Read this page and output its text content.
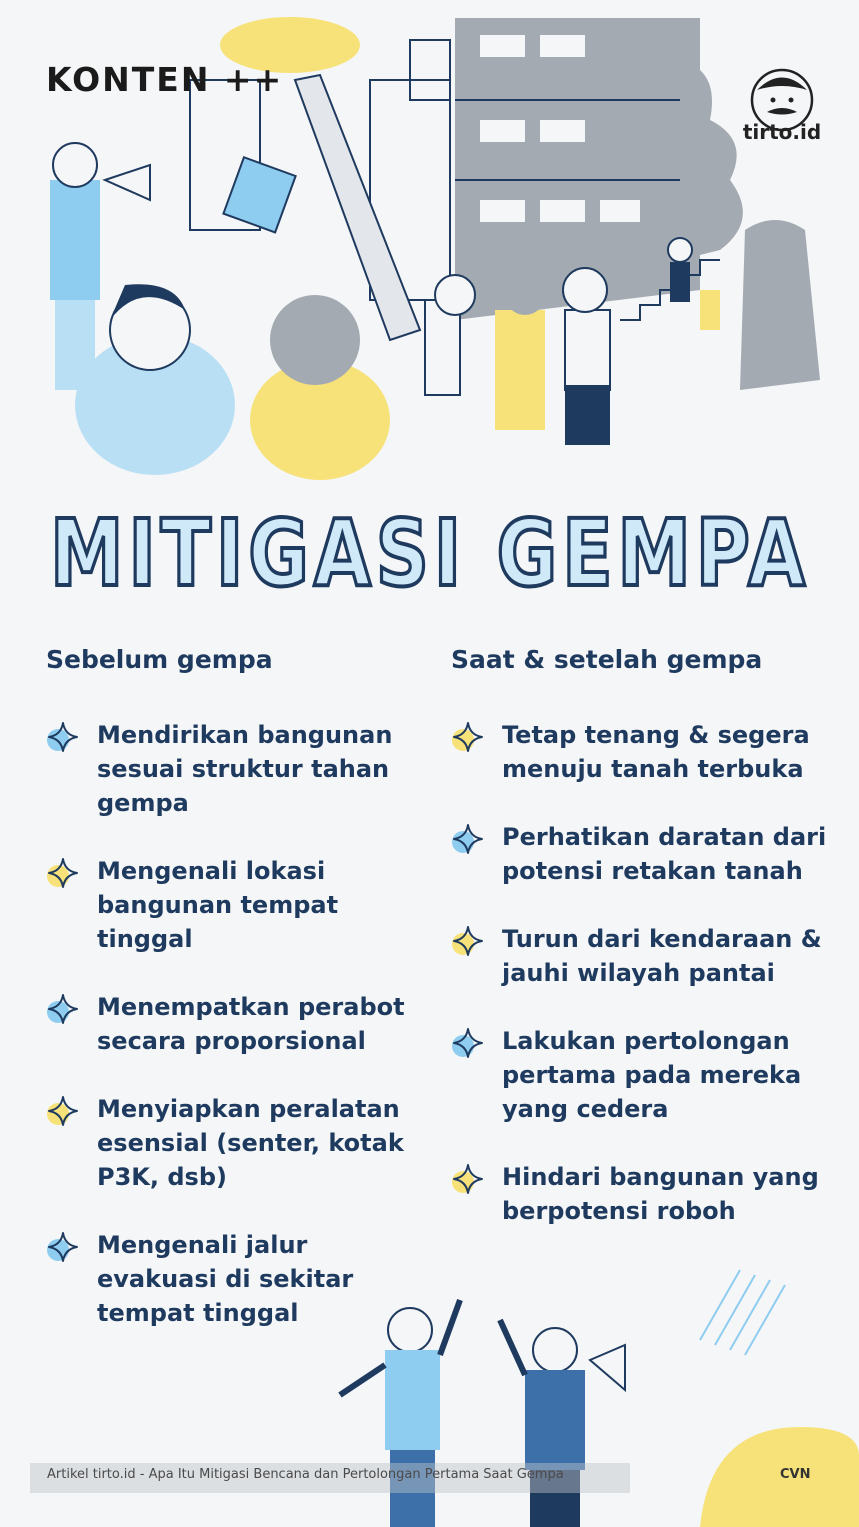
KONTEN ++
tirto.id
MITIGASI GEMPA
Sebelum gempa
Mendirikan bangunan sesuai struktur tahan gempa
Mengenali lokasi bangunan tempat tinggal
Menempatkan perabot secara proporsional
Menyiapkan peralatan esensial (senter, kotak P3K, dsb)
Mengenali jalur evakuasi di sekitar tempat tinggal
Saat & setelah gempa
Tetap tenang & segera menuju tanah terbuka
Perhatikan daratan dari potensi retakan tanah
Turun dari kendaraan & jauhi wilayah pantai
Lakukan pertolongan pertama pada mereka yang cedera
Hindari bangunan yang berpotensi roboh
Artikel tirto.id - Apa Itu Mitigasi Bencana dan Pertolongan Pertama Saat Gempa	CVN
